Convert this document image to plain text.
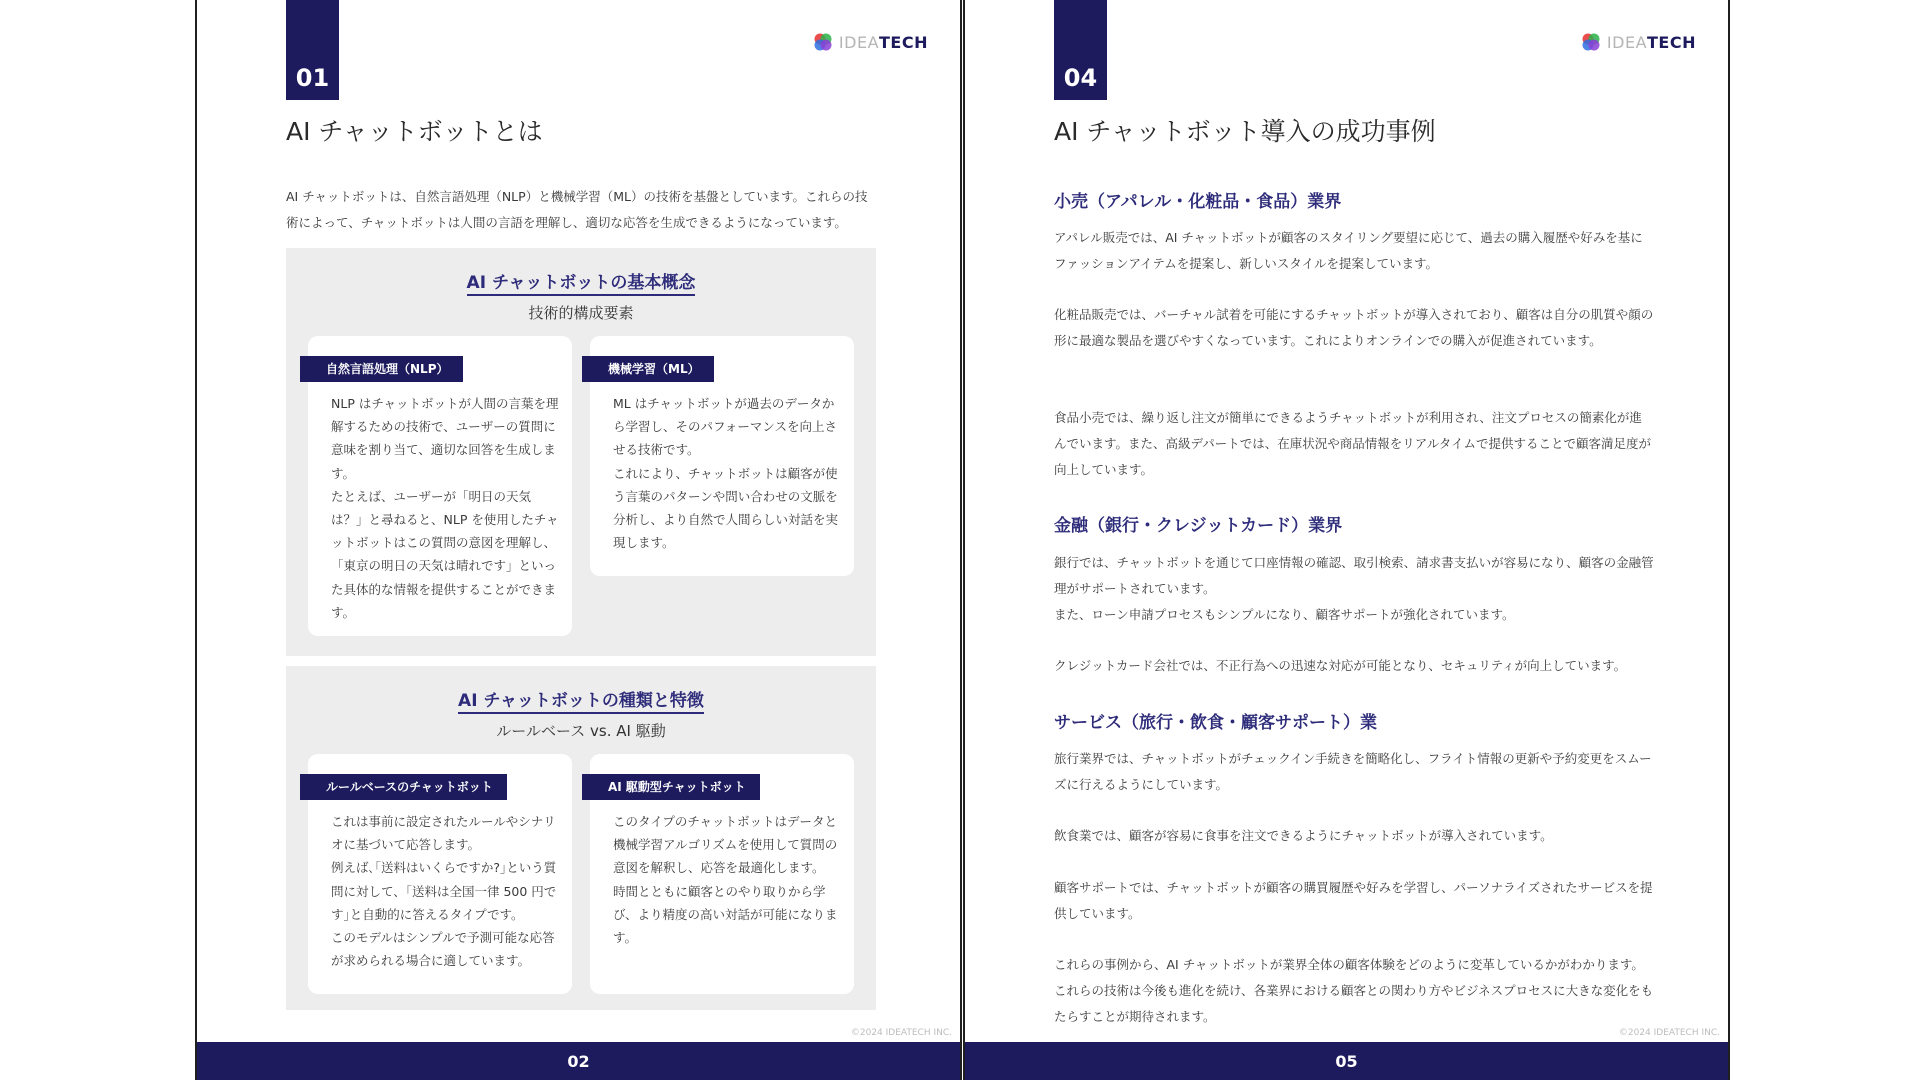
01
IDEATECH
AI チャットボットとは
AI チャットボットは、自然言語処理（NLP）と機械学習（ML）の技術を基盤としています。これらの技術によって、チャットボットは人間の言語を理解し、適切な応答を生成できるようになっています。
AI チャットボットの基本概念
技術的構成要素
自然言語処理（NLP）
NLP はチャットボットが人間の言葉を理解するための技術で、ユーザーの質問に意味を割り当て、適切な回答を生成します。
たとえば、ユーザーが「明日の天気は？」と尋ねると、NLP を使用したチャットボットはこの質問の意図を理解し、「東京の明日の天気は晴れです」といった具体的な情報を提供することができます。
機械学習（ML）
ML はチャットボットが過去のデータから学習し、そのパフォーマンスを向上させる技術です。
これにより、チャットボットは顧客が使う言葉のパターンや問い合わせの文脈を分析し、より自然で人間らしい対話を実現します。
AI チャットボットの種類と特徴
ルールベース vs. AI 駆動
ルールベースのチャットボット
これは事前に設定されたルールやシナリオに基づいて応答します。
例えば､｢送料はいくらですか?｣という質問に対して、｢送料は全国一律 500 円です｣と自動的に答えるタイプです。
このモデルはシンプルで予測可能な応答が求められる場合に適しています。
AI 駆動型チャットボット
このタイプのチャットボットはデータと機械学習アルゴリズムを使用して質問の意図を解釈し、応答を最適化します。
時間とともに顧客とのやり取りから学び、より精度の高い対話が可能になります。
©2024 IDEATECH INC.
02
04
IDEATECH
AI チャットボット導入の成功事例
小売（アパレル・化粧品・食品）業界
アパレル販売では、AI チャットボットが顧客のスタイリング要望に応じて、過去の購入履歴や好みを基にファッションアイテムを提案し、新しいスタイルを提案しています。
化粧品販売では、バーチャル試着を可能にするチャットボットが導入されており、顧客は自分の肌質や顔の形に最適な製品を選びやすくなっています。これによりオンラインでの購入が促進されています。
食品小売では、繰り返し注文が簡単にできるようチャットボットが利用され、注文プロセスの簡素化が進んでいます。また、高級デパートでは、在庫状況や商品情報をリアルタイムで提供することで顧客満足度が向上しています。
金融（銀行・クレジットカード）業界
銀行では、チャットボットを通じて口座情報の確認、取引検索、請求書支払いが容易になり、顧客の金融管理がサポートされています。
また、ローン申請プロセスもシンプルになり、顧客サポートが強化されています。
クレジットカード会社では、不正行為への迅速な対応が可能となり、セキュリティが向上しています。
サービス（旅行・飲食・顧客サポート）業
旅行業界では、チャットボットがチェックイン手続きを簡略化し、フライト情報の更新や予約変更をスムーズに行えるようにしています。
飲食業では、顧客が容易に食事を注文できるようにチャットボットが導入されています。
顧客サポートでは、チャットボットが顧客の購買履歴や好みを学習し、パーソナライズされたサービスを提供しています。
これらの事例から、AI チャットボットが業界全体の顧客体験をどのように変革しているかがわかります。これらの技術は今後も進化を続け、各業界における顧客との関わり方やビジネスプロセスに大きな変化をもたらすことが期待されます。
©2024 IDEATECH INC.
05
